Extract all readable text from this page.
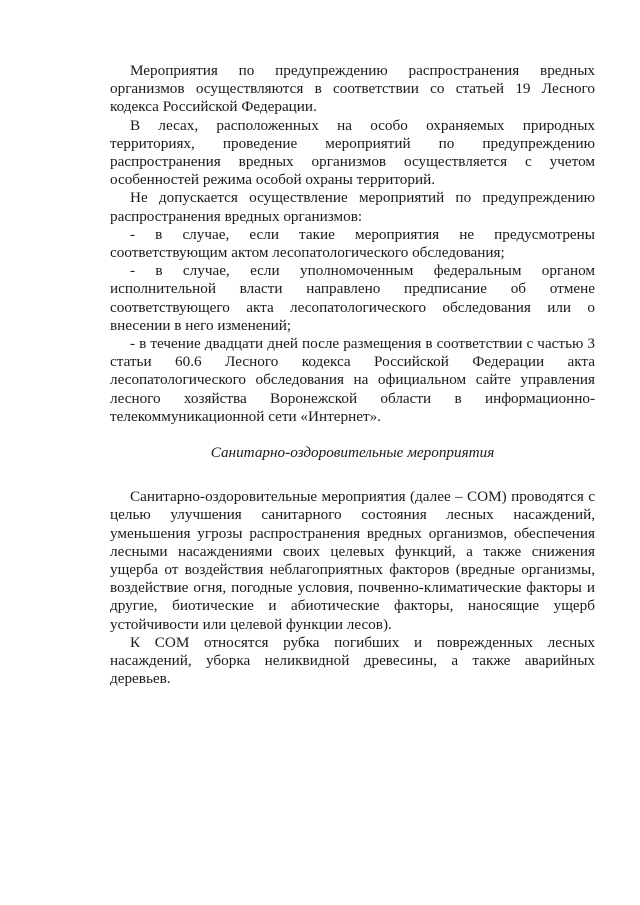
Мероприятия по предупреждению распространения вредных организмов осуществляются в соответствии со статьей 19 Лесного кодекса Российской Федерации.

В лесах, расположенных на особо охраняемых природных территориях, проведение мероприятий по предупреждению распространения вредных организмов осуществляется с учетом особенностей режима особой охраны территорий.

Не допускается осуществление мероприятий по предупреждению распространения вредных организмов:

- в случае, если такие мероприятия не предусмотрены соответствующим актом лесопатологического обследования;

- в случае, если уполномоченным федеральным органом исполнительной власти направлено предписание об отмене соответствующего акта лесопатологического обследования или о внесении в него изменений;

- в течение двадцати дней после размещения в соответствии с частью 3 статьи 60.6 Лесного кодекса Российской Федерации акта лесопатологического обследования на официальном сайте управления лесного хозяйства Воронежской области в информационно-телекоммуникационной сети «Интернет».

Санитарно-оздоровительные мероприятия

Санитарно-оздоровительные мероприятия (далее – СОМ) проводятся с целью улучшения санитарного состояния лесных насаждений, уменьшения угрозы распространения вредных организмов, обеспечения лесными насаждениями своих целевых функций, а также снижения ущерба от воздействия неблагоприятных факторов (вредные организмы, воздействие огня, погодные условия, почвенно-климатические факторы и другие, биотические и абиотические факторы, наносящие ущерб устойчивости или целевой функции лесов).

К СОМ относятся рубка погибших и поврежденных лесных насаждений, уборка неликвидной древесины, а также аварийных деревьев.
